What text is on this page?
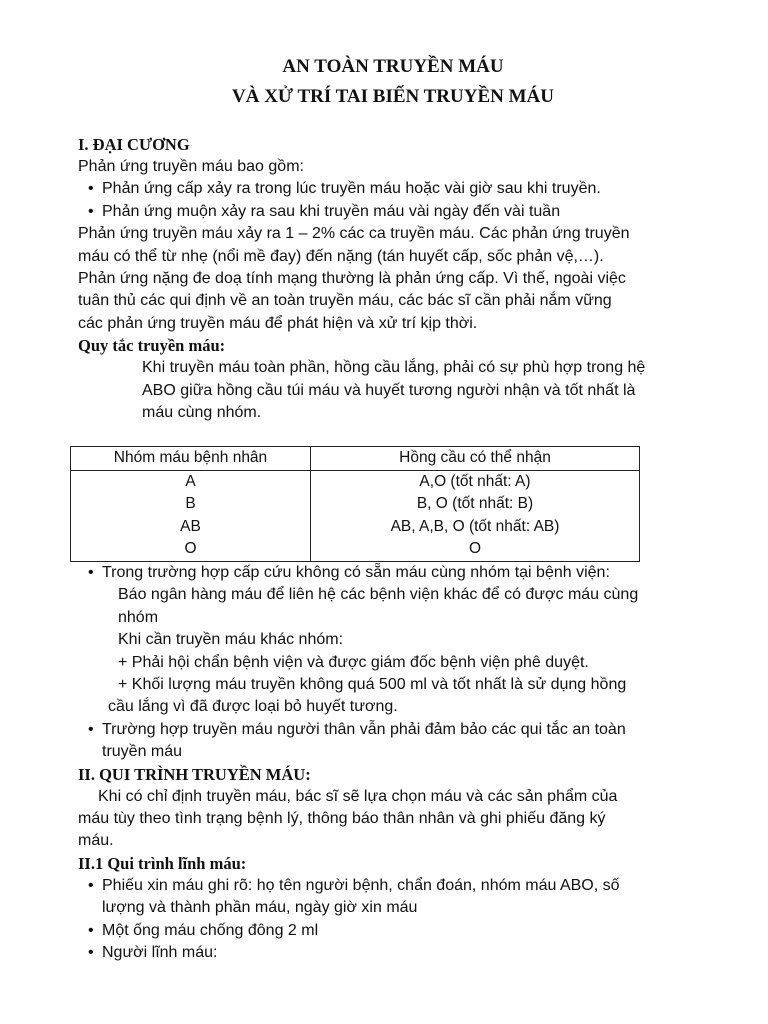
AN TOÀN TRUYỀN MÁU
VÀ XỬ TRÍ TAI BIẾN TRUYỀN MÁU
I. ĐẠI CƯƠNG

Phản ứng truyền máu bao gồm:

• Phản ứng cấp xảy ra trong lúc truyền máu hoặc vài giờ sau khi truyền.
• Phản ứng muộn xảy ra sau khi truyền máu vài ngày đến vài tuần

Phản ứng truyền máu xảy ra 1 – 2% các ca truyền máu. Các phản ứng truyền

máu có thể từ nhẹ (nổi mề đay) đến nặng (tán huyết cấp, sốc phản vệ,…).

Phản ứng nặng đe doạ tính mạng thường là phản ứng cấp. Vì thế, ngoài việc

tuân thủ các qui định về an toàn truyền máu, các bác sĩ cần phải nắm vững

các phản ứng truyền máu để phát hiện và xử trí kịp thời.

Quy tắc truyền máu:
Khi truyền máu toàn phần, hồng cầu lắng, phải có sự phù hợp trong hệ
ABO giữa hồng cầu túi máu và huyết tương người nhận và tốt nhất là
máu cùng nhóm.
Nhóm máu bệnh nhân	Hồng cầu có thể nhận
A	A,O (tốt nhất: A)
B	B, O (tốt nhất: B)
AB	AB, A,B, O (tốt nhất: AB)
O	O
• Trong trường hợp cấp cứu không có sẵn máu cùng nhóm tại bệnh viện:
Báo ngân hàng máu để liên hệ các bệnh viện khác để có được máu cùng
nhóm
Khi cần truyền máu khác nhóm:
+ Phải hội chẩn bệnh viện và được giám đốc bệnh viện phê duyệt.
+ Khối lượng máu truyền không quá 500 ml và tốt nhất là sử dụng hồng
cầu lắng vì đã được loại bỏ huyết tương.
• Trường hợp truyền máu người thân vẫn phải đảm bảo các qui tắc an toàn
truyền máu
II. QUI TRÌNH TRUYỀN MÁU:

Khi có chỉ định truyền máu, bác sĩ sẽ lựa chọn máu và các sản phẩm của

máu tùy theo tình trạng bệnh lý, thông báo thân nhân và ghi phiếu đăng ký

máu.

II.1 Qui trình lĩnh máu:
• Phiếu xin máu ghi rõ: họ tên người bệnh, chẩn đoán, nhóm máu ABO, số
lượng và thành phần máu, ngày giờ xin máu
• Một ống máu chống đông 2 ml
• Người lĩnh máu:
